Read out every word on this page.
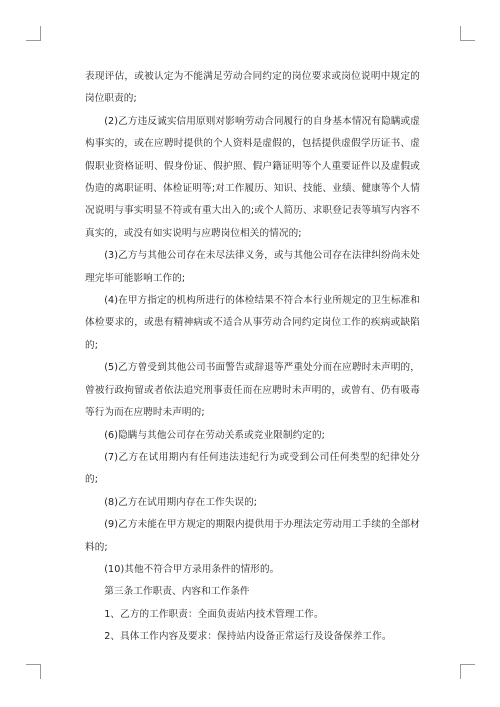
表现评估，或被认定为不能满足劳动合同约定的岗位要求或岗位说明中规定的岗位职责的;

(2)乙方违反诚实信用原则对影响劳动合同履行的自身基本情况有隐瞒或虚构事实的，或在应聘时提供的个人资料是虚假的，包括提供虚假学历证书、虚假职业资格证明、假身份证、假护照、假户籍证明等个人重要证件以及虚假或伪造的离职证明、体检证明等;对工作履历、知识、技能、业绩、健康等个人情况说明与事实明显不符或有重大出入的;或个人简历、求职登记表等填写内容不真实的，或没有如实说明与应聘岗位相关的情况的;

(3)乙方与其他公司存在未尽法律义务，或与其他公司存在法律纠纷尚未处理完毕可能影响工作的;

(4)在甲方指定的机构所进行的体检结果不符合本行业所规定的卫生标准和体检要求的，或患有精神病或不适合从事劳动合同约定岗位工作的疾病或缺陷的;

(5)乙方曾受到其他公司书面警告或辞退等严重处分而在应聘时未声明的，曾被行政拘留或者依法追究刑事责任而在应聘时未声明的，或曾有、仍有吸毒等行为而在应聘时未声明的;

(6)隐瞒与其他公司存在劳动关系或竞业限制约定的;

(7)乙方在试用期内有任何违法违纪行为或受到公司任何类型的纪律处分的;

(8)乙方在试用期内存在工作失误的;

(9)乙方未能在甲方规定的期限内提供用于办理法定劳动用工手续的全部材料的;

(10)其他不符合甲方录用条件的情形的。

第三条工作职责、内容和工作条件

1、乙方的工作职责：全面负责站内技术管理工作。

2、具体工作内容及要求：保持站内设备正常运行及设备保养工作。
